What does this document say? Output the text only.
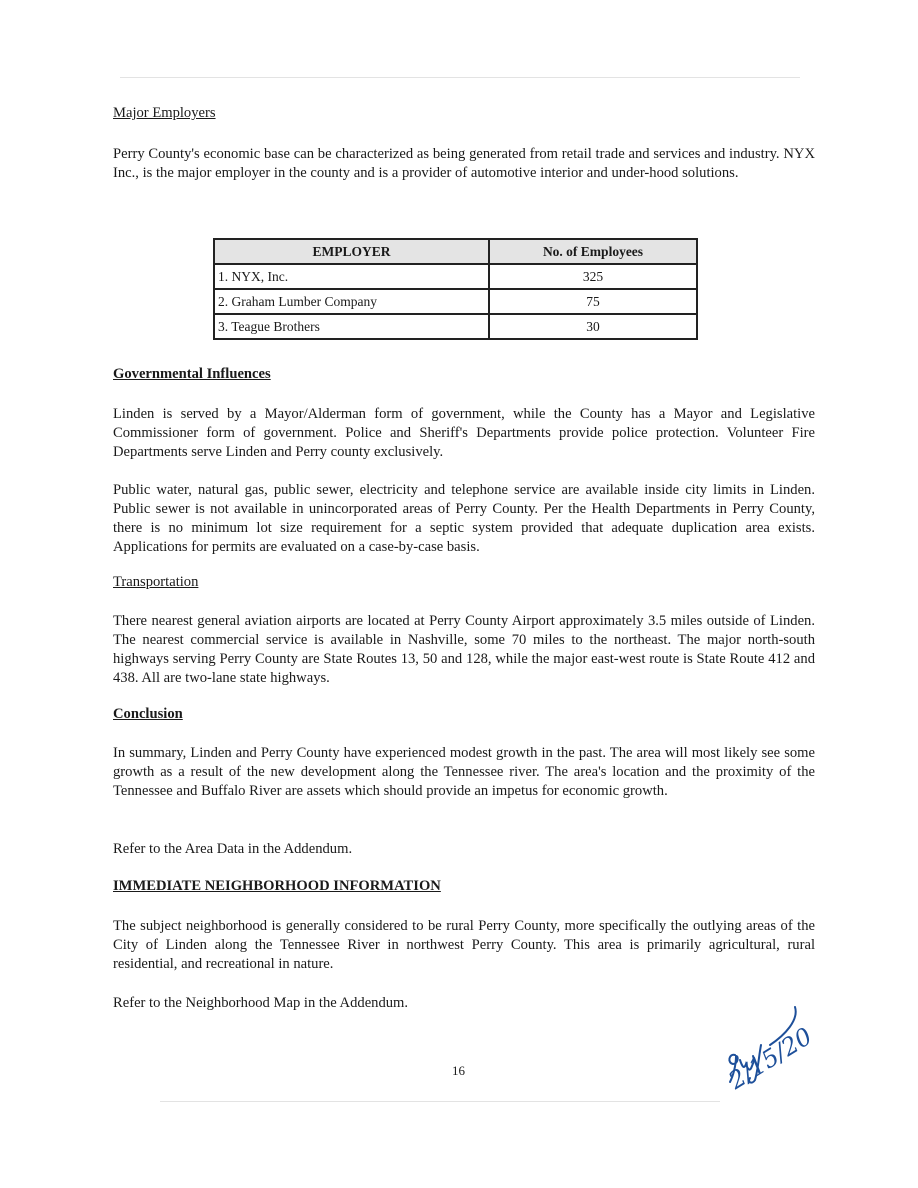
Major Employers

Perry County's economic base can be characterized as being generated from retail trade and services and industry. NYX Inc., is the major employer in the county and is a provider of automotive interior and under-hood solutions.

EMPLOYER	No. of Employees
1. NYX, Inc.	325
2. Graham Lumber Company	75
3. Teague Brothers	30

Governmental Influences

Linden is served by a Mayor/Alderman form of government, while the County has a Mayor and Legislative Commissioner form of government. Police and Sheriff's Departments provide police protection. Volunteer Fire Departments serve Linden and Perry county exclusively.

Public water, natural gas, public sewer, electricity and telephone service are available inside city limits in Linden. Public sewer is not available in unincorporated areas of Perry County. Per the Health Departments in Perry County, there is no minimum lot size requirement for a septic system provided that adequate duplication area exists. Applications for permits are evaluated on a case-by-case basis.

Transportation

There nearest general aviation airports are located at Perry County Airport approximately 3.5 miles outside of Linden. The nearest commercial service is available in Nashville, some 70 miles to the northeast. The major north-south highways serving Perry County are State Routes 13, 50 and 128, while the major east-west route is State Route 412 and 438. All are two-lane state highways.

Conclusion

In summary, Linden and Perry County have experienced modest growth in the past. The area will most likely see some growth as a result of the new development along the Tennessee river. The area's location and the proximity of the Tennessee and Buffalo River are assets which should provide an impetus for economic growth.

Refer to the Area Data in the Addendum.

IMMEDIATE NEIGHBORHOOD INFORMATION

The subject neighborhood is generally considered to be rural Perry County, more specifically the outlying areas of the City of Linden along the Tennessee River in northwest Perry County. This area is primarily agricultural, rural residential, and recreational in nature.

Refer to the Neighborhood Map in the Addendum.

16	2/15/20
